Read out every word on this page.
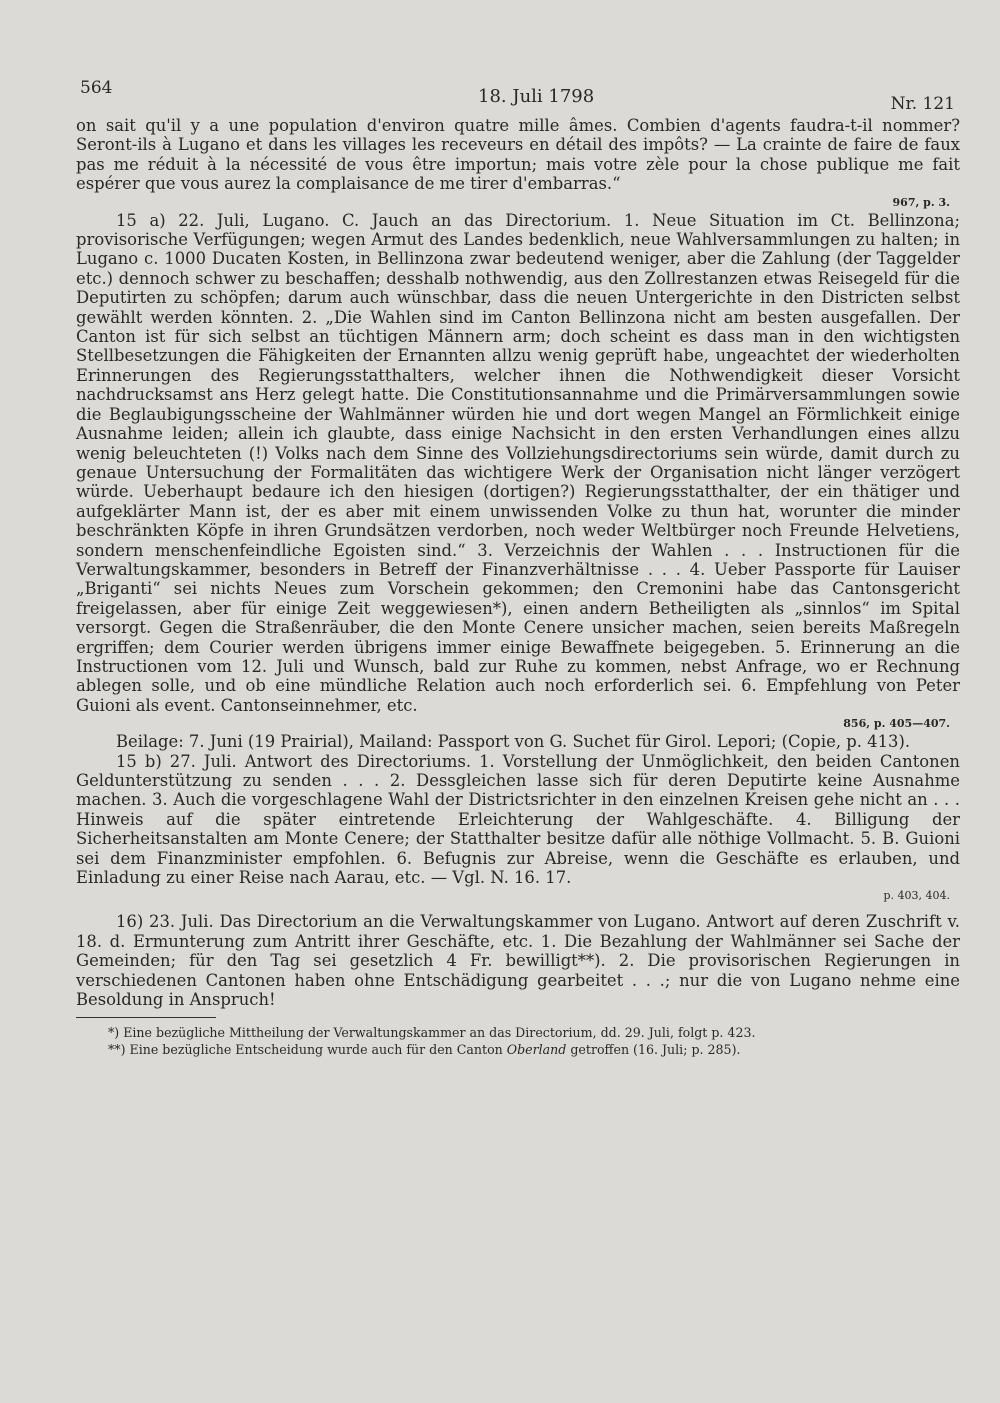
564	18. Juli 1798	Nr. 121

on sait qu'il y a une population d'environ quatre mille âmes. Combien d'agents faudra-t-il nommer? Seront-ils à Lugano et dans les villages les receveurs en détail des impôts? — La crainte de faire de faux pas me réduit à la nécessité de vous être importun; mais votre zèle pour la chose publique me fait espérer que vous aurez la complaisance de me tirer d'embarras.“

967, p. 3.

15 a) 22. Juli, Lugano. C. Jauch an das Directorium. 1. Neue Situation im Ct. Bellinzona; provisorische Verfügungen; wegen Armut des Landes bedenklich, neue Wahlversammlungen zu halten; in Lugano c. 1000 Ducaten Kosten, in Bellinzona zwar bedeutend weniger, aber die Zahlung (der Taggelder etc.) dennoch schwer zu beschaffen; desshalb nothwendig, aus den Zollrestanzen etwas Reisegeld für die Deputirten zu schöpfen; darum auch wünschbar, dass die neuen Untergerichte in den Districten selbst gewählt werden könnten. 2. „Die Wahlen sind im Canton Bellinzona nicht am besten ausgefallen. Der Canton ist für sich selbst an tüchtigen Männern arm; doch scheint es dass man in den wichtigsten Stellbesetzungen die Fähigkeiten der Ernannten allzu wenig geprüft habe, ungeachtet der wiederholten Erinnerungen des Regierungsstatthalters, welcher ihnen die Nothwendigkeit dieser Vorsicht nachdrucksamst ans Herz gelegt hatte. Die Constitutionsannahme und die Primärversammlungen sowie die Beglaubigungsscheine der Wahlmänner würden hie und dort wegen Mangel an Förmlichkeit einige Ausnahme leiden; allein ich glaubte, dass einige Nachsicht in den ersten Verhandlungen eines allzu wenig beleuchteten (!) Volks nach dem Sinne des Vollziehungsdirectoriums sein würde, damit durch zu genaue Untersuchung der Formalitäten das wichtigere Werk der Organisation nicht länger verzögert würde. Ueberhaupt bedaure ich den hiesigen (dortigen?) Regierungsstatthalter, der ein thätiger und aufgeklärter Mann ist, der es aber mit einem unwissenden Volke zu thun hat, worunter die minder beschränkten Köpfe in ihren Grundsätzen verdorben, noch weder Weltbürger noch Freunde Helvetiens, sondern menschenfeindliche Egoisten sind.“ 3. Verzeichnis der Wahlen . . . Instructionen für die Verwaltungskammer, besonders in Betreff der Finanzverhältnisse . . . 4. Ueber Passporte für Lauiser „Briganti“ sei nichts Neues zum Vorschein gekommen; den Cremonini habe das Cantonsgericht freigelassen, aber für einige Zeit weggewiesen*), einen andern Betheiligten als „sinnlos“ im Spital versorgt. Gegen die Straßenräuber, die den Monte Cenere unsicher machen, seien bereits Maßregeln ergriffen; dem Courier werden übrigens immer einige Bewaffnete beigegeben. 5. Erinnerung an die Instructionen vom 12. Juli und Wunsch, bald zur Ruhe zu kommen, nebst Anfrage, wo er Rechnung ablegen solle, und ob eine mündliche Relation auch noch erforderlich sei. 6. Empfehlung von Peter Guioni als event. Cantonseinnehmer, etc.

856, p. 405—407.

Beilage: 7. Juni (19 Prairial), Mailand: Passport von G. Suchet für Girol. Lepori; (Copie, p. 413).

15 b) 27. Juli. Antwort des Directoriums. 1. Vorstellung der Unmöglichkeit, den beiden Cantonen Geldunterstützung zu senden . . . 2. Dessgleichen lasse sich für deren Deputirte keine Ausnahme machen. 3. Auch die vorgeschlagene Wahl der Districtsrichter in den einzelnen Kreisen gehe nicht an . . . Hinweis auf die später eintretende Erleichterung der Wahlgeschäfte. 4. Billigung der Sicherheitsanstalten am Monte Cenere; der Statthalter besitze dafür alle nöthige Vollmacht. 5. B. Guioni sei dem Finanzminister empfohlen. 6. Befugnis zur Abreise, wenn die Geschäfte es erlauben, und Einladung zu einer Reise nach Aarau, etc. — Vgl. N. 16. 17.

p. 403, 404.

16) 23. Juli. Das Directorium an die Verwaltungskammer von Lugano. Antwort auf deren Zuschrift v. 18. d. Ermunterung zum Antritt ihrer Geschäfte, etc. 1. Die Bezahlung der Wahlmänner sei Sache der Gemeinden; für den Tag sei gesetzlich 4 Fr. bewilligt**). 2. Die provisorischen Regierungen in verschiedenen Cantonen haben ohne Entschädigung gearbeitet . . .; nur die von Lugano nehme eine Besoldung in Anspruch!

*) Eine bezügliche Mittheilung der Verwaltungskammer an das Directorium, dd. 29. Juli, folgt p. 423.
**) Eine bezügliche Entscheidung wurde auch für den Canton Oberland getroffen (16. Juli; p. 285).
